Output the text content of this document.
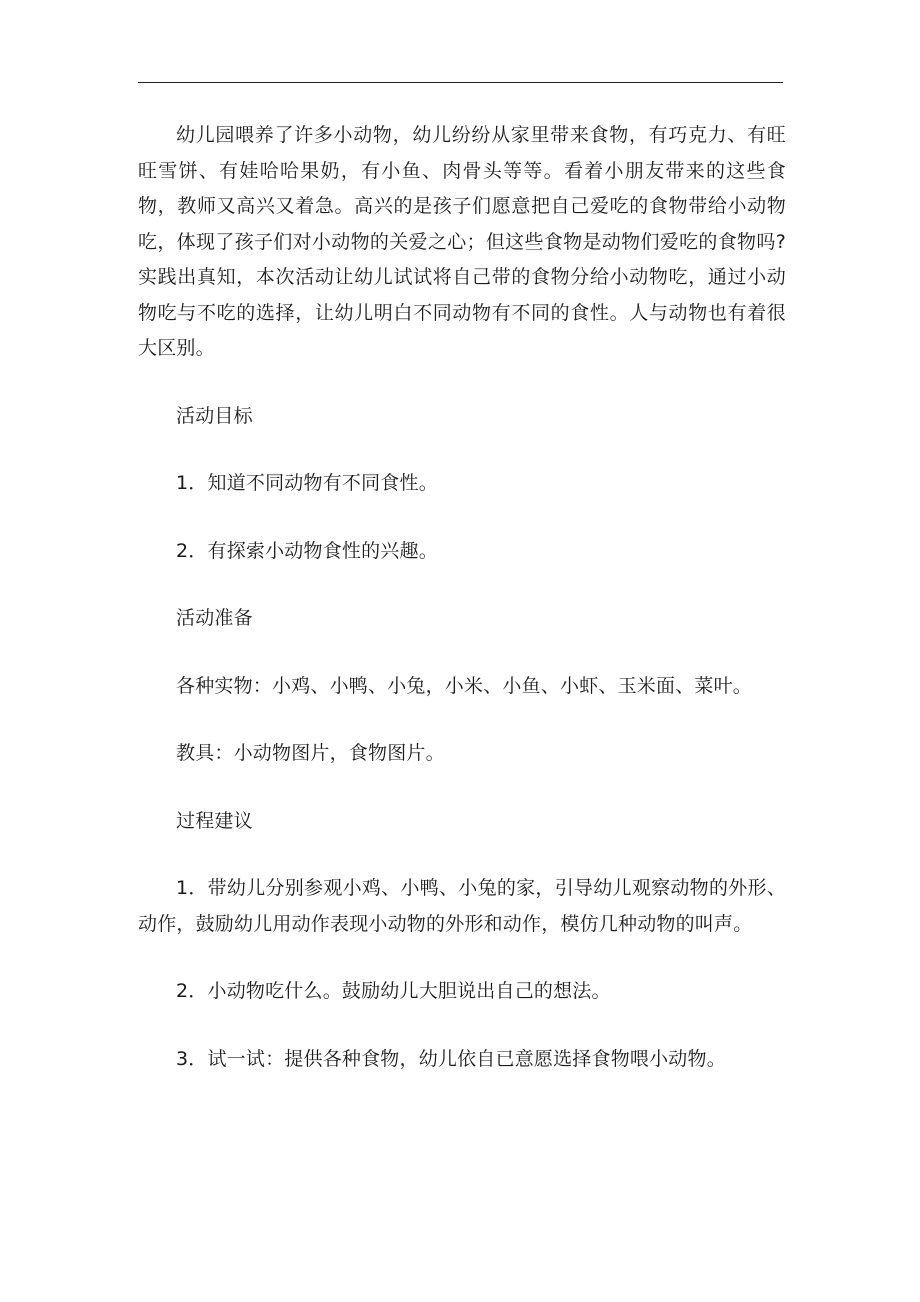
幼儿园喂养了许多小动物，幼儿纷纷从家里带来食物，有巧克力、有旺旺雪饼、有娃哈哈果奶，有小鱼、肉骨头等等。看着小朋友带来的这些食物，教师又高兴又着急。高兴的是孩子们愿意把自己爱吃的食物带给小动物吃，体现了孩子们对小动物的关爱之心；但这些食物是动物们爱吃的食物吗?实践出真知，本次活动让幼儿试试将自己带的食物分给小动物吃，通过小动物吃与不吃的选择，让幼儿明白不同动物有不同的食性。人与动物也有着很大区别。

活动目标

1．知道不同动物有不同食性。

2．有探索小动物食性的兴趣。

活动准备

各种实物：小鸡、小鸭、小兔，小米、小鱼、小虾、玉米面、菜叶。

教具：小动物图片，食物图片。

过程建议

1．带幼儿分别参观小鸡、小鸭、小兔的家，引导幼儿观察动物的外形、动作，鼓励幼儿用动作表现小动物的外形和动作，模仿几种动物的叫声。

2．小动物吃什么。鼓励幼儿大胆说出自己的想法。

3．试一试：提供各种食物，幼儿依自已意愿选择食物喂小动物。
